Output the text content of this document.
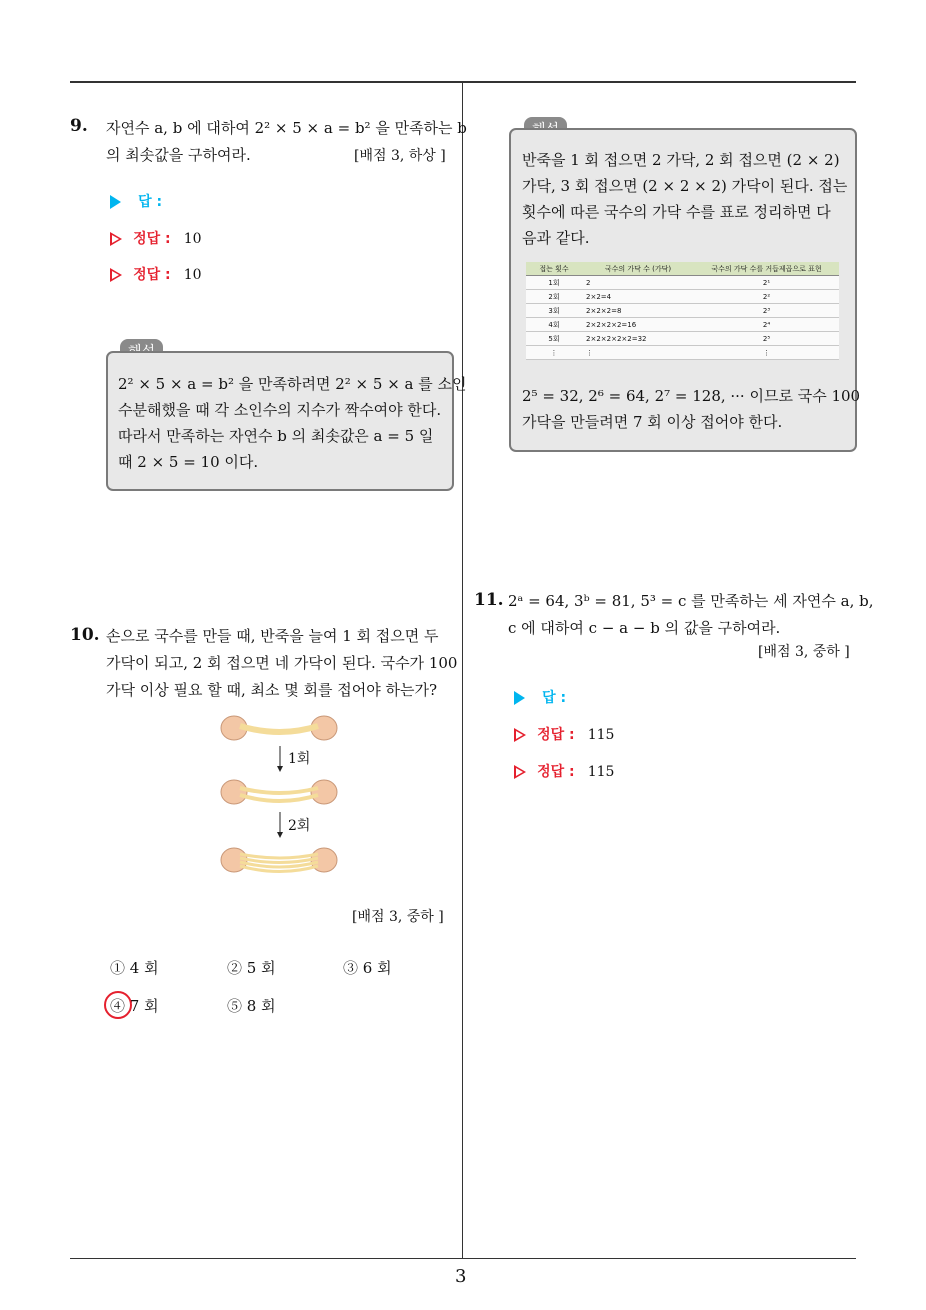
3
9. 자연수 a, b 에 대하여 2² × 5 × a = b² 을 만족하는 b
의 최솟값을 구하여라.	[배점 3, 하상 ]
답 :
정답 : 10
정답 : 10
2² × 5 × a = b² 을 만족하려면 2² × 5 × a 를 소인
수분해했을 때 각 소인수의 지수가 짝수여야 한다.
따라서 만족하는 자연수 b 의 최솟값은 a = 5 일
때 2 × 5 = 10 이다.
10. 손으로 국수를 만들 때, 반죽을 늘여 1 회 접으면 두
가닥이 되고, 2 회 접으면 네 가닥이 된다. 국수가 100
가닥 이상 필요 할 때, 최소 몇 회를 접어야 하는가?
1회
2회
[배점 3, 중하 ]
① 4 회	② 5 회	③ 6 회
④ 7 회	⑤ 8 회
반죽을 1 회 접으면 2 가닥, 2 회 접으면 (2 × 2)
가닥, 3 회 접으면 (2 × 2 × 2) 가닥이 된다. 접는
횟수에 따른 국수의 가닥 수를 표로 정리하면 다
음과 같다.
접는 횟수	국수의 가닥 수 (가닥)	국수의 가닥 수를 거듭제곱으로 표현
1회	2	2¹
2회	2×2=4	2²
3회	2×2×2=8	2³
4회	2×2×2×2=16	2⁴
5회	2×2×2×2×2=32	2⁵
⋮	⋮	⋮
2⁵ = 32, 2⁶ = 64, 2⁷ = 128, ··· 이므로 국수 100
가닥을 만들려면 7 회 이상 접어야 한다.
11. 2ᵃ = 64, 3ᵇ = 81, 5³ = c 를 만족하는 세 자연수 a, b,
c 에 대하여 c − a − b 의 값을 구하여라.
[배점 3, 중하 ]
답 :
정답 : 115
정답 : 115
